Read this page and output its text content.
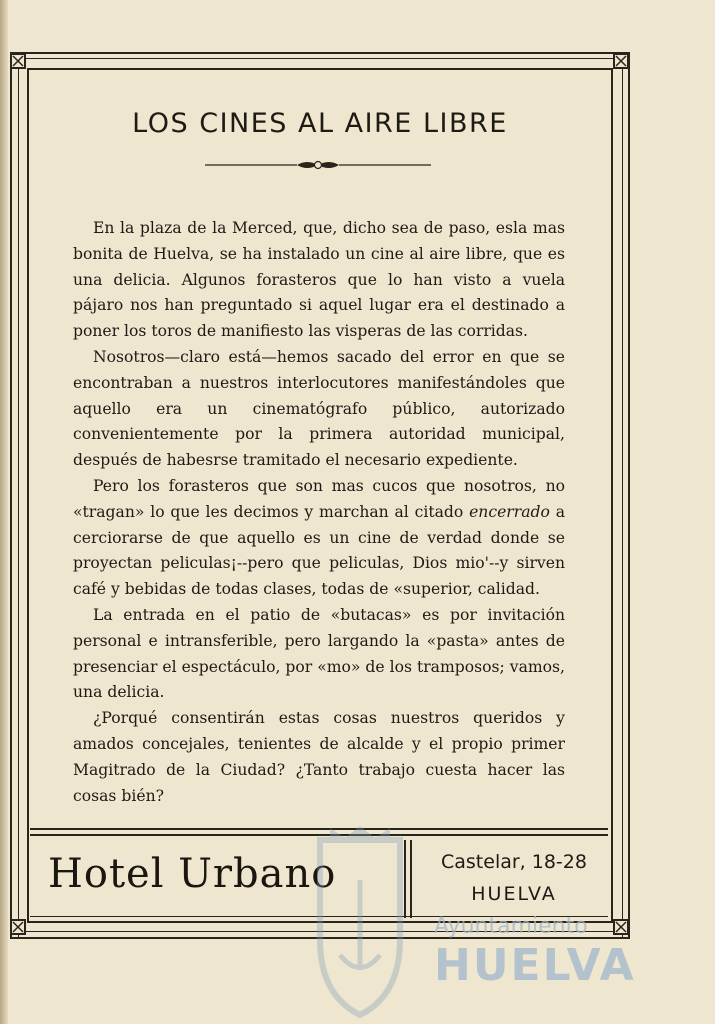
LOS CINES AL AIRE LIBRE

En la plaza de la Merced, que, dicho sea de paso, esla mas bonita de Huelva, se ha instalado un cine al aire libre, que es una delicia. Algunos forasteros que lo han visto a vuela pájaro nos han preguntado si aquel lugar era el destinado a poner los toros de manifiesto las visperas de las corridas.

Nosotros—claro está—hemos sacado del error en que se encontraban a nuestros interlocutores manifestándoles que aquello era un cinematógrafo público, autorizado convenientemente por la primera autoridad municipal, después de habesrse tramitado el necesario expediente.

Pero los forasteros que son mas cucos que nosotros, no «tragan» lo que les decimos y marchan al citado encerrado a cerciorarse de que aquello es un cine de verdad donde se proyectan peliculas¡--pero que peliculas, Dios mio'--y sirven café y bebidas de todas clases, todas de «superior, calidad.

La entrada en el patio de «butacas» es por invitación personal e intransferible, pero largando la «pasta» antes de presenciar el espectáculo, por «mo» de los tramposos; vamos, una delicia.

¿Porqué consentirán estas cosas nuestros queridos y amados concejales, tenientes de alcalde y el propio primer Magitrado de la Ciudad? ¿Tanto trabajo cuesta hacer las cosas bién?

Hotel Urbano	Castelar, 18-28
HUELVA
Ayuntamiento
HUELVA
